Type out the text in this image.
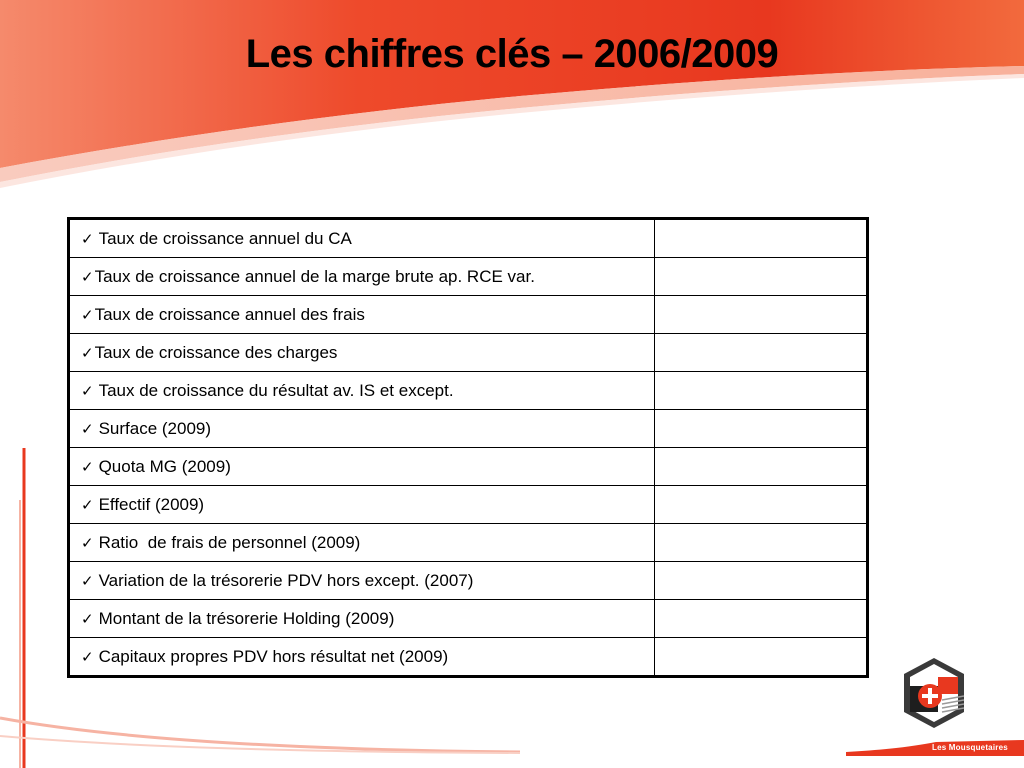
Les chiffres clés – 2006/2009
✓ Taux de croissance annuel du CA	
✓Taux de croissance annuel de la marge brute ap. RCE var.	
✓Taux de croissance annuel des frais	
✓Taux de croissance des charges	
✓ Taux de croissance du résultat av. IS et except.	
✓ Surface (2009)	
✓ Quota MG (2009)	
✓ Effectif (2009)	
✓ Ratio  de frais de personnel (2009)	
✓ Variation de la trésorerie PDV hors except. (2007)	
✓ Montant de la trésorerie Holding (2009)	
✓ Capitaux propres PDV hors résultat net (2009)	
Les Mousquetaires
